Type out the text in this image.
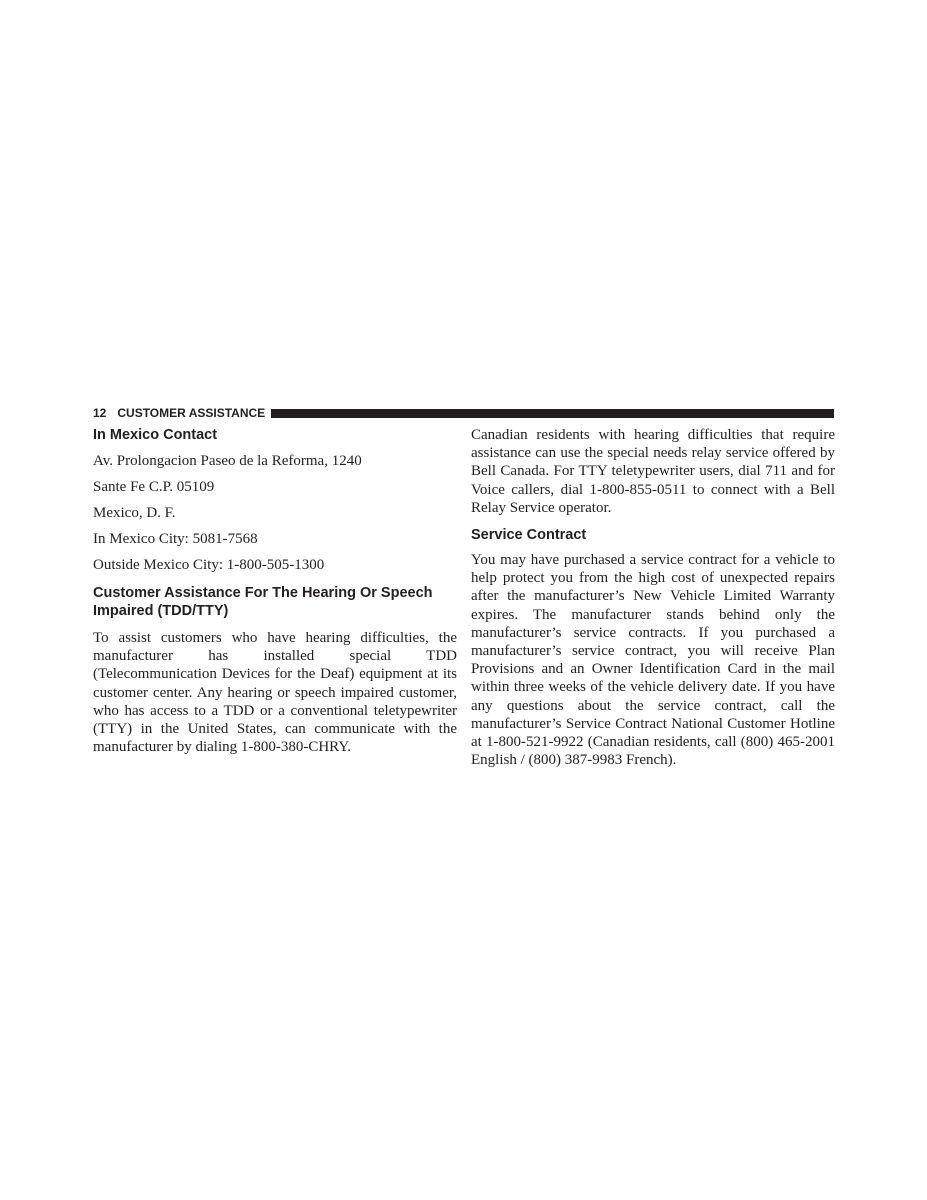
12 CUSTOMER ASSISTANCE
In Mexico Contact

Av. Prolongacion Paseo de la Reforma, 1240

Sante Fe C.P. 05109

Mexico, D. F.

In Mexico City: 5081-7568

Outside Mexico City: 1-800-505-1300

Customer Assistance For The Hearing Or Speech Impaired (TDD/TTY)

To assist customers who have hearing difficulties, the manufacturer has installed special TDD (Telecommunication Devices for the Deaf) equipment at its customer center. Any hearing or speech impaired customer, who has access to a TDD or a conventional teletypewriter (TTY) in the United States, can communicate with the manufacturer by dialing 1-800-380-CHRY.

Canadian residents with hearing difficulties that require assistance can use the special needs relay service offered by Bell Canada. For TTY teletypewriter users, dial 711 and for Voice callers, dial 1-800-855-0511 to connect with a Bell Relay Service operator.

Service Contract

You may have purchased a service contract for a vehicle to help protect you from the high cost of unexpected repairs after the manufacturer’s New Vehicle Limited Warranty expires. The manufacturer stands behind only the manufacturer’s service contracts. If you purchased a manufacturer’s service contract, you will receive Plan Provisions and an Owner Identification Card in the mail within three weeks of the vehicle delivery date. If you have any questions about the service contract, call the manufacturer’s Service Contract National Customer Hotline at 1-800-521-9922 (Canadian residents, call (800) 465-2001 English / (800) 387-9983 French).
